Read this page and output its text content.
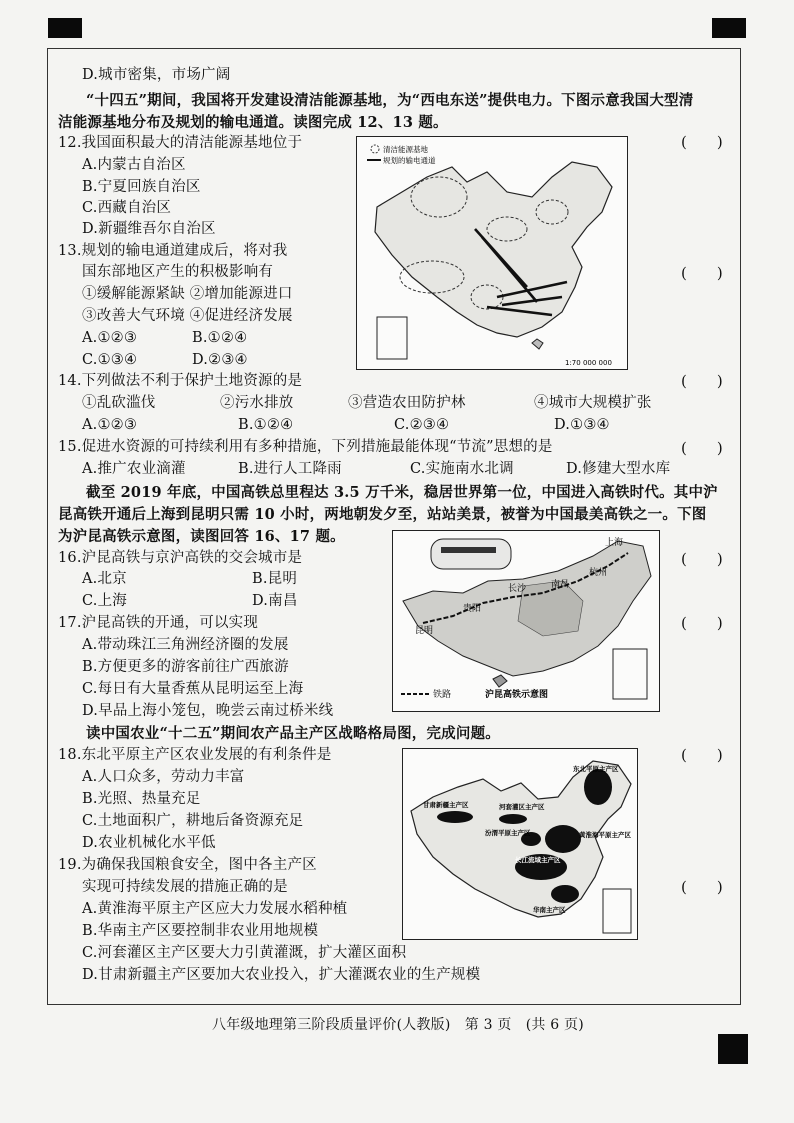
D.城市密集，市场广阔
“十四五”期间，我国将开发建设清洁能源基地，为“西电东送”提供电力。下图示意我国大型清
洁能源基地分布及规划的输电通道。读图完成 12、13 题。
12.我国面积最大的清洁能源基地位于	(　　)
A.内蒙古自治区
B.宁夏回族自治区
C.西藏自治区
D.新疆维吾尔自治区
13.规划的输电通道建成后，将对我
国东部地区产生的积极影响有	(　　)
①缓解能源紧缺 ②增加能源进口
③改善大气环境 ④促进经济发展
A.①②③	B.①②④
C.①③④	D.②③④
清洁能源基地
规划的输电通道
1:70 000 000
14.下列做法不利于保护土地资源的是	(　　)
①乱砍滥伐	②污水排放	③营造农田防护林	④城市大规模扩张
A.①②③	B.①②④	C.②③④	D.①③④
15.促进水资源的可持续利用有多种措施，下列措施最能体现“节流”思想的是	(　　)
A.推广农业滴灌	B.进行人工降雨	C.实施南水北调	D.修建大型水库
截至 2019 年底，中国高铁总里程达 3.5 万千米，稳居世界第一位，中国进入高铁时代。其中沪
昆高铁开通后上海到昆明只需 10 小时，两地朝发夕至，站站美景，被誉为中国最美高铁之一。下图
为沪昆高铁示意图，读图回答 16、17 题。
16.沪昆高铁与京沪高铁的交会城市是	(　　)
A.北京	B.昆明
C.上海	D.南昌
17.沪昆高铁的开通，可以实现	(　　)
A.带动珠江三角洲经济圈的发展
B.方便更多的游客前往广西旅游
C.每日有大量香蕉从昆明运至上海
D.早品上海小笼包，晚尝云南过桥米线
上海
杭州
长沙	南昌
贵阳
昆明
铁路	沪昆高铁示意图
读中国农业“十二五”期间农产品主产区战略格局图，完成问题。
18.东北平原主产区农业发展的有利条件是	(　　)
A.人口众多，劳动力丰富
B.光照、热量充足
C.土地面积广，耕地后备资源充足
D.农业机械化水平低
19.为确保我国粮食安全，图中各主产区
实现可持续发展的措施正确的是	(　　)
A.黄淮海平原主产区应大力发展水稻种植
B.华南主产区要控制非农业用地规模
C.河套灌区主产区要大力引黄灌溉，扩大灌区面积
D.甘肃新疆主产区要加大农业投入，扩大灌溉农业的生产规模
东北平原主产区
甘肃新疆主产区	河套灌区主产区
汾渭平原主产区	黄淮海平原主产区
长江流域主产区
华南主产区
八年级地理第三阶段质量评价(人教版)　第 3 页　(共 6 页)
